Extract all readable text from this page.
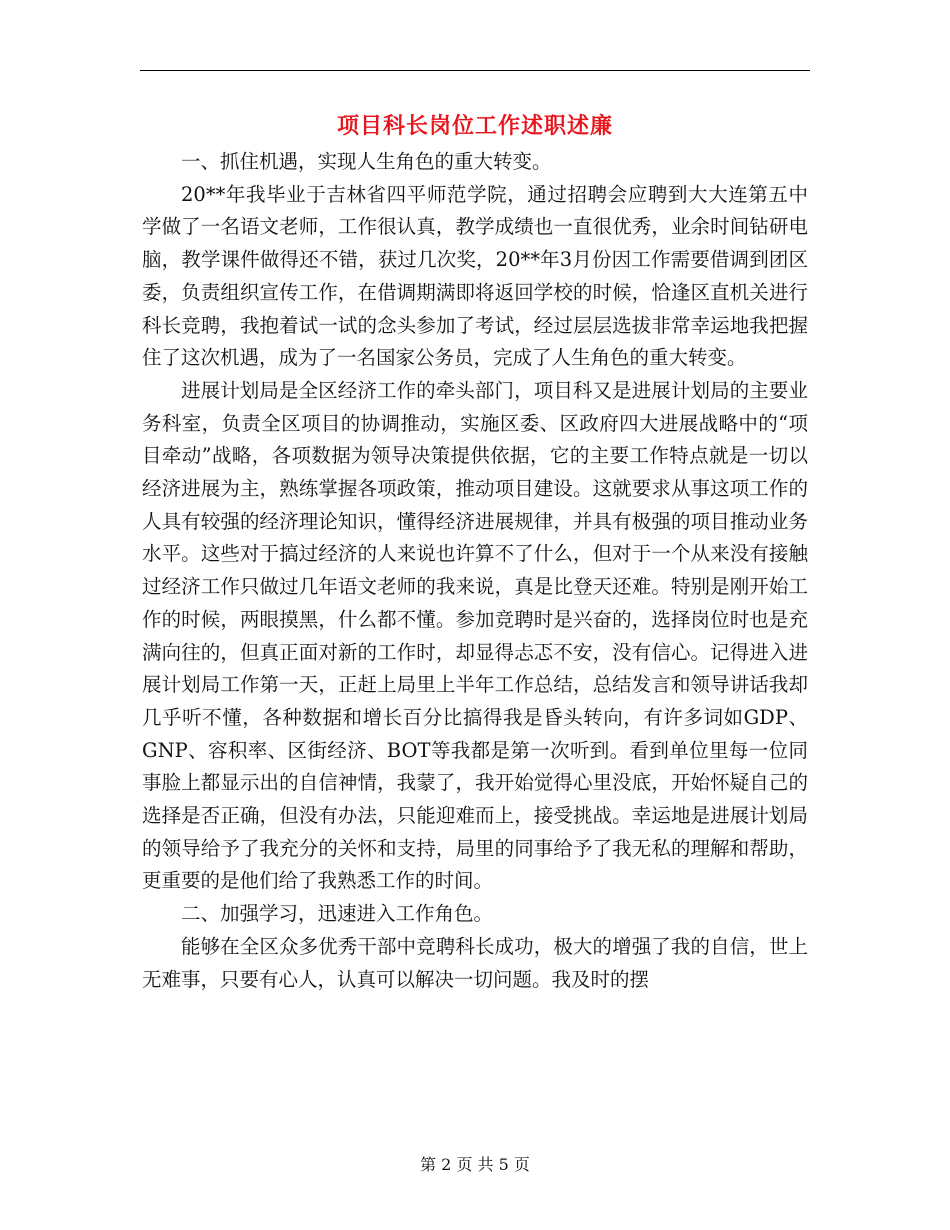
项目科长岗位工作述职述廉

一、抓住机遇，实现人生角色的重大转变。

20**年我毕业于吉林省四平师范学院，通过招聘会应聘到大大连第五中学做了一名语文老师，工作很认真，教学成绩也一直很优秀，业余时间钻研电脑，教学课件做得还不错，获过几次奖，20**年3月份因工作需要借调到团区委，负责组织宣传工作，在借调期满即将返回学校的时候，恰逢区直机关进行科长竞聘，我抱着试一试的念头参加了考试，经过层层选拔非常幸运地我把握住了这次机遇，成为了一名国家公务员，完成了人生角色的重大转变。

进展计划局是全区经济工作的牵头部门，项目科又是进展计划局的主要业务科室，负责全区项目的协调推动，实施区委、区政府四大进展战略中的“项目牵动”战略，各项数据为领导决策提供依据，它的主要工作特点就是一切以经济进展为主，熟练掌握各项政策，推动项目建设。这就要求从事这项工作的人具有较强的经济理论知识，懂得经济进展规律，并具有极强的项目推动业务水平。这些对于搞过经济的人来说也许算不了什么，但对于一个从来没有接触过经济工作只做过几年语文老师的我来说，真是比登天还难。特别是刚开始工作的时候，两眼摸黑，什么都不懂。参加竞聘时是兴奋的，选择岗位时也是充满向往的，但真正面对新的工作时，却显得忐忑不安，没有信心。记得进入进展计划局工作第一天，正赶上局里上半年工作总结，总结发言和领导讲话我却几乎听不懂，各种数据和增长百分比搞得我是昏头转向，有许多词如GDP、GNP、容积率、区街经济、BOT等我都是第一次听到。看到单位里每一位同事脸上都显示出的自信神情，我蒙了，我开始觉得心里没底，开始怀疑自己的选择是否正确，但没有办法，只能迎难而上，接受挑战。幸运地是进展计划局的领导给予了我充分的关怀和支持，局里的同事给予了我无私的理解和帮助，更重要的是他们给了我熟悉工作的时间。

二、加强学习，迅速进入工作角色。

能够在全区众多优秀干部中竞聘科长成功，极大的增强了我的自信，世上无难事，只要有心人，认真可以解决一切问题。我及时的摆

第 2 页 共 5 页
